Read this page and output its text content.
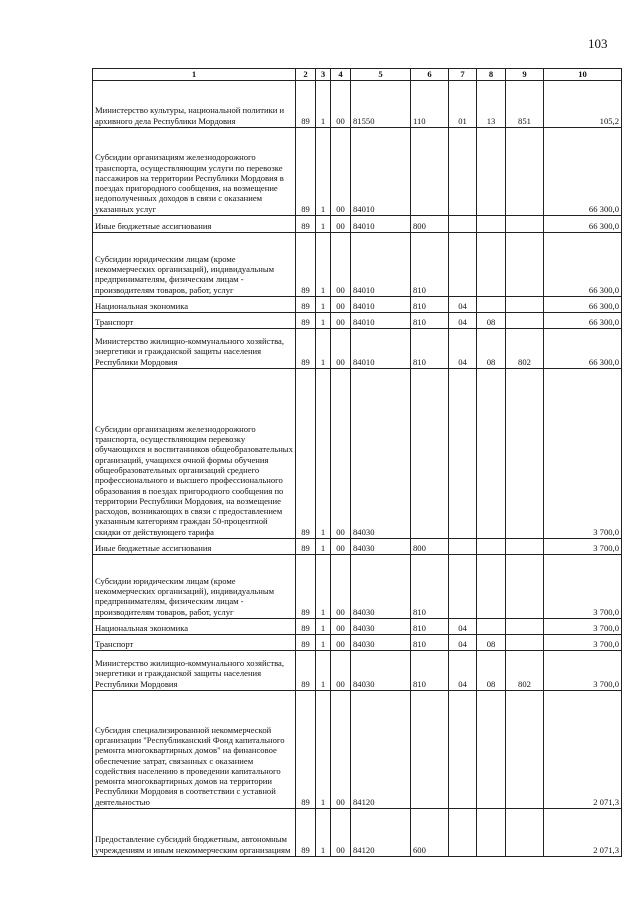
103
1	2	3	4	5	6	7	8	9	10
Министерство культуры, национальной политики и архивного дела Республики Мордовия	89	1	00	81550	110	01	13	851	105,2
Субсидии организациям железнодорожного транспорта, осуществляющим услуги по перевозке пассажиров на территории Республики Мордовия в поездах пригородного сообщения, на возмещение недополученных доходов в связи с оказанием указанных услуг	89	1	00	84010					66 300,0
Иные бюджетные ассигнования	89	1	00	84010	800				66 300,0
Субсидии юридическим лицам (кроме некоммерческих организаций), индивидуальным предпринимателям, физическим лицам - производителям товаров, работ, услуг	89	1	00	84010	810				66 300,0
Национальная экономика	89	1	00	84010	810	04			66 300,0
Транспорт	89	1	00	84010	810	04	08		66 300,0
Министерство жилищно-коммунального хозяйства, энергетики и гражданской защиты населения Республики Мордовия	89	1	00	84010	810	04	08	802	66 300,0
Субсидии организациям железнодорожного транспорта, осуществляющим перевозку обучающихся и воспитанников общеобразовательных организаций, учащихся очной формы обучения общеобразовательных организаций среднего профессионального и высшего профессионального образования в поездах пригородного сообщения по территории Республики Мордовия, на возмещение расходов, возникающих в связи с предоставлением указанным категориям граждан 50-процентной скидки от действующего тарифа	89	1	00	84030					3 700,0
Иные бюджетные ассигнования	89	1	00	84030	800				3 700,0
Субсидии юридическим лицам (кроме некоммерческих организаций), индивидуальным предпринимателям, физическим лицам - производителям товаров, работ, услуг	89	1	00	84030	810				3 700,0
Национальная экономика	89	1	00	84030	810	04			3 700,0
Транспорт	89	1	00	84030	810	04	08		3 700,0
Министерство жилищно-коммунального хозяйства, энергетики и гражданской защиты населения Республики Мордовия	89	1	00	84030	810	04	08	802	3 700,0
Субсидия специализированной некоммерческой организации "Республиканский Фонд капитального ремонта многоквартирных домов" на финансовое обеспечение затрат, связанных с оказанием содействия населению в проведении капитального ремонта многоквартирных домов на территории Республики Мордовия в соответствии с уставной деятельностью	89	1	00	84120					2 071,3
Предоставление субсидий бюджетным, автономным учреждениям и иным некоммерческим организациям	89	1	00	84120	600				2 071,3
